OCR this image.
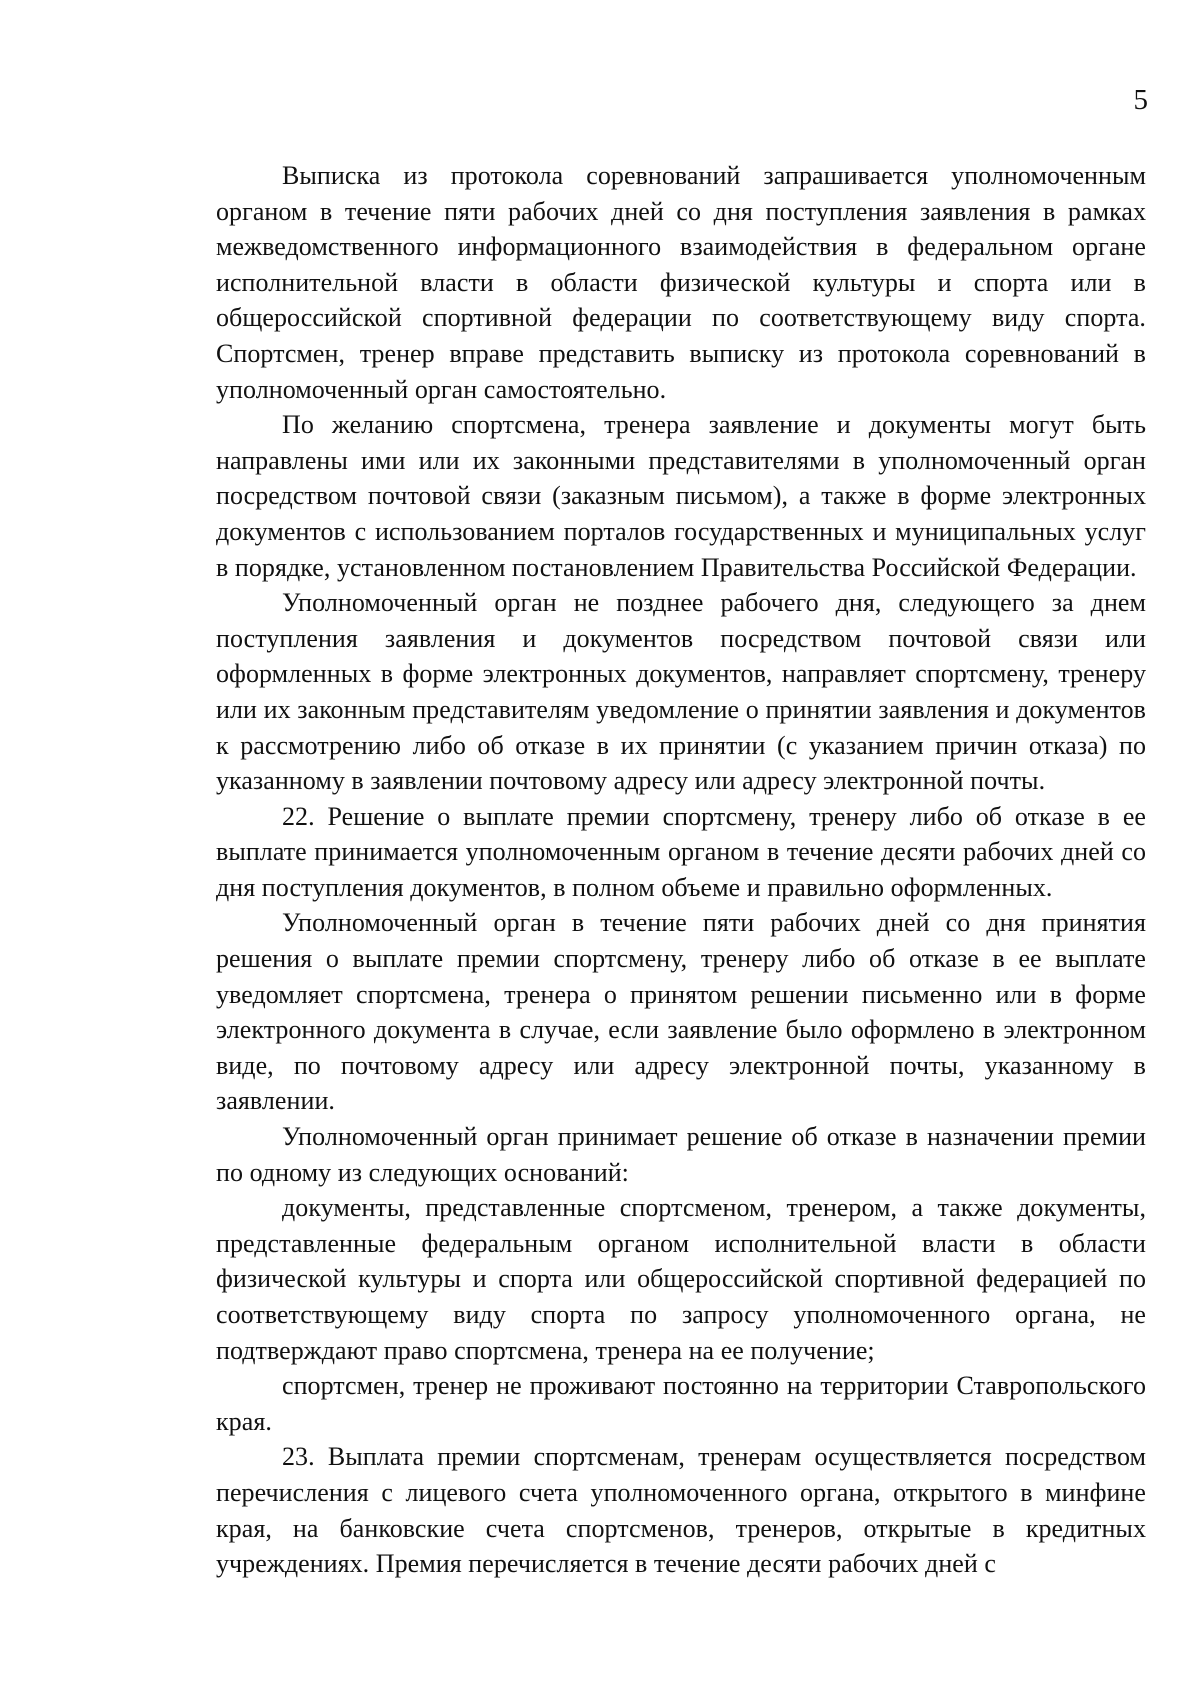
5

Выписка из протокола соревнований запрашивается уполномоченным органом в течение пяти рабочих дней со дня поступления заявления в рамках межведомственного информационного взаимодействия в федеральном органе исполнительной власти в области физической культуры и спорта или в общероссийской спортивной федерации по соответствующему виду спорта. Спортсмен, тренер вправе представить выписку из протокола соревнований в уполномоченный орган самостоятельно.

По желанию спортсмена, тренера заявление и документы могут быть направлены ими или их законными представителями в уполномоченный орган посредством почтовой связи (заказным письмом), а также в форме электронных документов с использованием порталов государственных и муниципальных услуг в порядке, установленном постановлением Правительства Российской Федерации.

Уполномоченный орган не позднее рабочего дня, следующего за днем поступления заявления и документов посредством почтовой связи или оформленных в форме электронных документов, направляет спортсмену, тренеру или их законным представителям уведомление о принятии заявления и документов к рассмотрению либо об отказе в их принятии (с указанием причин отказа) по указанному в заявлении почтовому адресу или адресу электронной почты.

22. Решение о выплате премии спортсмену, тренеру либо об отказе в ее выплате принимается уполномоченным органом в течение десяти рабочих дней со дня поступления документов, в полном объеме и правильно оформленных.

Уполномоченный орган в течение пяти рабочих дней со дня принятия решения о выплате премии спортсмену, тренеру либо об отказе в ее выплате уведомляет спортсмена, тренера о принятом решении письменно или в форме электронного документа в случае, если заявление было оформлено в электронном виде, по почтовому адресу или адресу электронной почты, указанному в заявлении.

Уполномоченный орган принимает решение об отказе в назначении премии по одному из следующих оснований:

документы, представленные спортсменом, тренером, а также документы, представленные федеральным органом исполнительной власти в области физической культуры и спорта или общероссийской спортивной федерацией по соответствующему виду спорта по запросу уполномоченного органа, не подтверждают право спортсмена, тренера на ее получение;

спортсмен, тренер не проживают постоянно на территории Ставропольского края.

23. Выплата премии спортсменам, тренерам осуществляется посредством перечисления с лицевого счета уполномоченного органа, открытого в минфине края, на банковские счета спортсменов, тренеров, открытые в кредитных учреждениях. Премия перечисляется в течение десяти рабочих дней с
